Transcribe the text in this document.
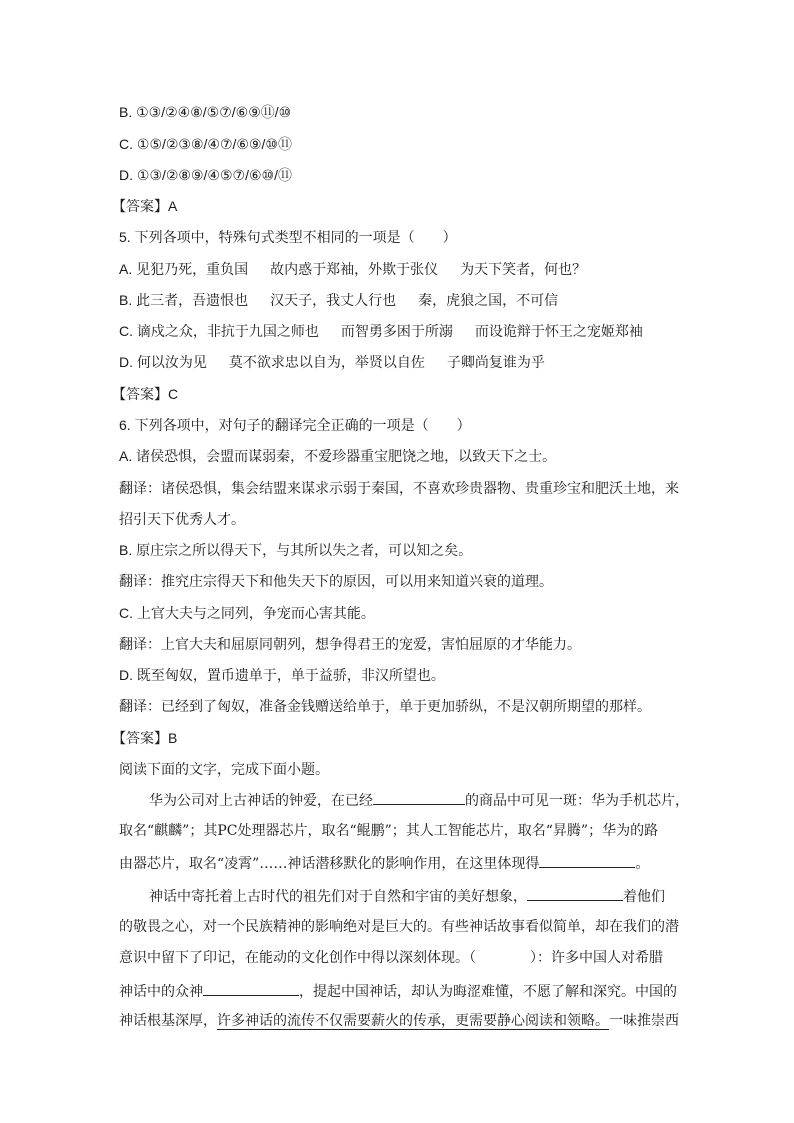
B. ①③/②④⑧/⑤⑦/⑥⑨⑪/⑩
C. ①⑤/②③⑧/④⑦/⑥⑨/⑩⑪
D. ①③/②⑧⑨/④⑤⑦/⑥⑩/⑪
【答案】A
5. 下列各项中，特殊句式类型不相同的一项是（　　）
A. 见犯乃死，重负国 故内惑于郑袖，外欺于张仪 为天下笑者，何也？
B. 此三者，吾遗恨也 汉天子，我丈人行也 秦，虎狼之国，不可信
C. 谪戍之众，非抗于九国之师也 而智勇多困于所溺 而设诡辩于怀王之宠姬郑袖
D. 何以汝为见 莫不欲求忠以自为，举贤以自佐 子卿尚复谁为乎
【答案】C
6. 下列各项中，对句子的翻译完全正确的一项是（　　）
A. 诸侯恐惧，会盟而谋弱秦，不爱珍器重宝肥饶之地，以致天下之士。
翻译：诸侯恐惧，集会结盟来谋求示弱于秦国，不喜欢珍贵器物、贵重珍宝和肥沃土地，来
招引天下优秀人才。
B. 原庄宗之所以得天下，与其所以失之者，可以知之矣。
翻译：推究庄宗得天下和他失天下的原因，可以用来知道兴衰的道理。
C. 上官大夫与之同列，争宠而心害其能。
翻译：上官大夫和屈原同朝列，想争得君王的宠爱，害怕屈原的才华能力。
D. 既至匈奴，置币遗单于，单于益骄，非汉所望也。
翻译：已经到了匈奴，准备金钱赠送给单于，单于更加骄纵，不是汉朝所期望的那样。
【答案】B
阅读下面的文字，完成下面小题。
华为公司对上古神话的钟爱，在已经	的商品中可见一斑：华为手机芯片，
取名“麒麟”；其PC处理器芯片，取名“鲲鹏”；其人工智能芯片，取名“昇腾”；华为的路
由器芯片，取名“凌霄”……神话潜移默化的影响作用，在这里体现得	。
神话中寄托着上古时代的祖先们对于自然和宇宙的美好想象，	着他们
的敬畏之心，对一个民族精神的影响绝对是巨大的。有些神话故事看似简单，却在我们的潜
意识中留下了印记，在能动的文化创作中得以深刻体现。（	）：许多中国人对希腊
神话中的众神	，提起中国神话，却认为晦涩难懂，不愿了解和深究。中国的
神话根基深厚，许多神话的流传不仅需要薪火的传承，更需要静心阅读和领略。一味推崇西
